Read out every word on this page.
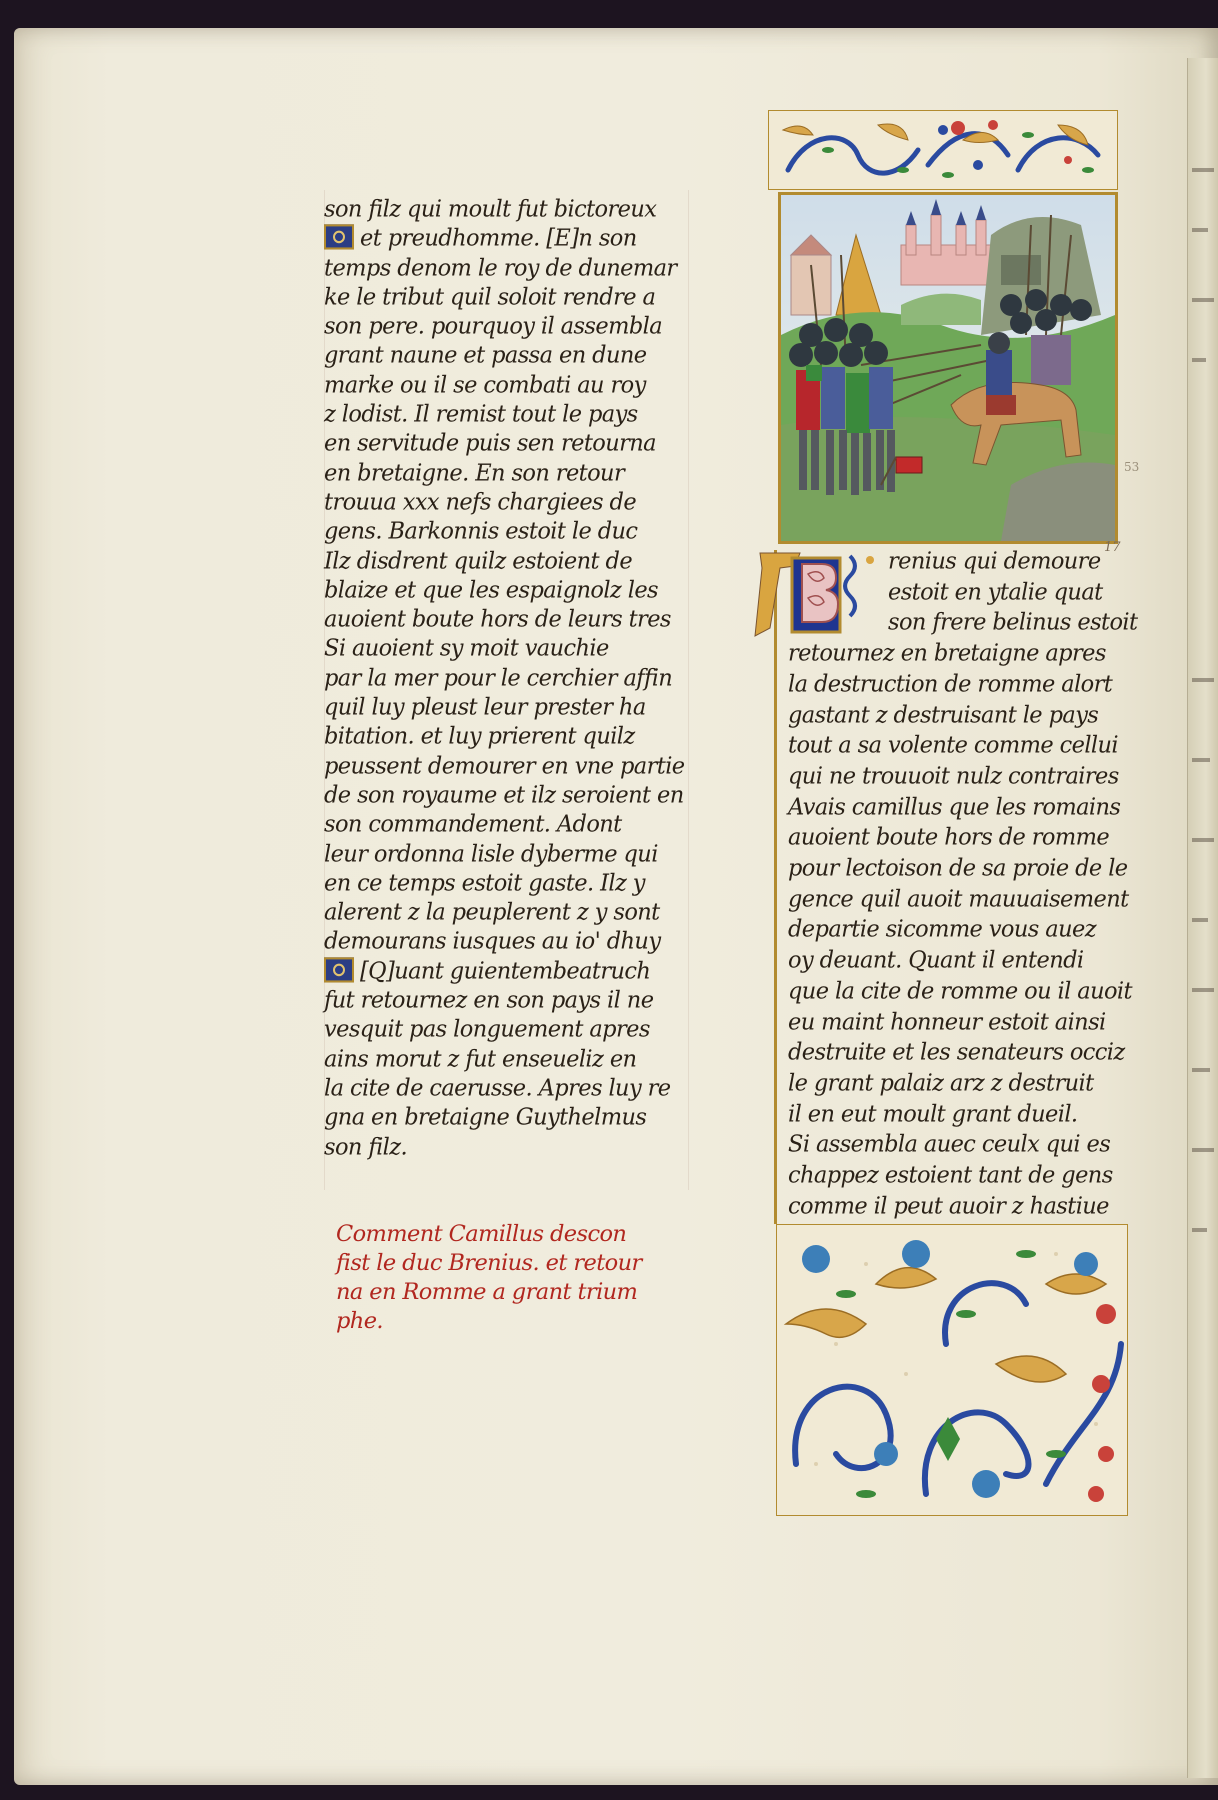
son filz qui moult fut bictoreux
et preudhomme. [E]n son
temps denom le roy de dunemar
ke le tribut quil soloit rendre a
son pere. pourquoy il assembla
grant naune et passa en dune
marke ou il se combati au roy
z lodist. Il remist tout le pays
en servitude puis sen retourna
en bretaigne. En son retour
trouua xxx nefs chargiees de
gens. Barkonnis estoit le duc
Ilz disdrent quilz estoient de
blaize et que les espaignolz les
auoient boute hors de leurs tres
Si auoient sy moit vauchie
par la mer pour le cerchier affin
quil luy pleust leur prester ha
bitation. et luy prierent quilz
peussent demourer en vne partie
de son royaume et ilz seroient en
son commandement. Adont
leur ordonna lisle dyberme qui
en ce temps estoit gaste. Ilz y
alerent z la peuplerent z y sont
demourans iusques au io' dhuy
[Q]uant guientembeatruch
fut retournez en son pays il ne
vesquit pas longuement apres
ains morut z fut enseueliz en
la cite de caerusse. Apres luy re
gna en bretaigne Guythelmus
son filz.
Comment Camillus descon
fist le duc Brenius. et retour
na en Romme a grant trium
phe.
renius qui demoure
estoit en ytalie quat
son frere belinus estoit
retournez en bretaigne apres
la destruction de romme alort
gastant z destruisant le pays
tout a sa volente comme cellui
qui ne trouuoit nulz contraires
Avais camillus que les romains
auoient boute hors de romme
pour lectoison de sa proie de le
gence quil auoit mauuaisement
departie sicomme vous auez
oy deuant. Quant il entendi
que la cite de romme ou il auoit
eu maint honneur estoit ainsi
destruite et les senateurs occiz
le grant palaiz arz z destruit
il en eut moult grant dueil.
Si assembla auec ceulx qui es
chappez estoient tant de gens
comme il peut auoir z hastiue
17
53
